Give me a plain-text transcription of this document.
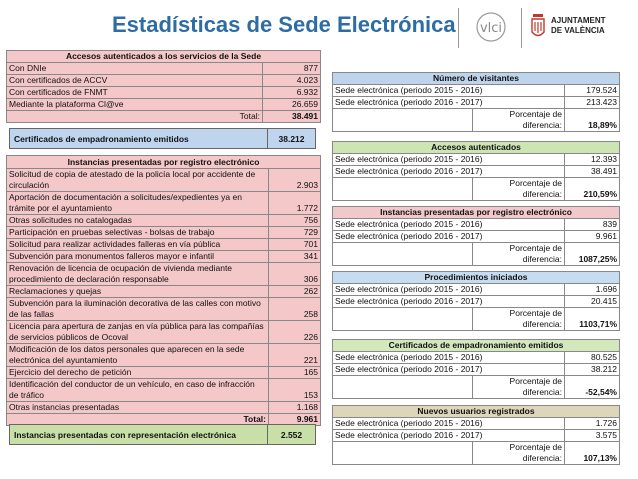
Estadísticas de Sede Electrónica vlci
AJUNTAMENT
DE VALÈNCIA
Accesos autenticados a los servicios de la Sede	
Con DNIe	877
Con certificados de ACCV	4.023
Con certificados de FNMT	6.932
Mediante la plataforma Cl@ve	26.659
Total:	38.491
Certificados de empadronamiento emitidos	38.212
Instancias presentadas por registro electrónico	
Solicitud de copia de atestado de la policía local por accidente de circulación	2.903
Aportación de documentación a solicitudes/expedientes ya en trámite por el ayuntamiento	1.772
Otras solicitudes no catalogadas	756
Participación en pruebas selectivas - bolsas de trabajo	729
Solicitud para realizar actividades falleras en vía pública	701
Subvención para monumentos falleros mayor e infantil	341
Renovación de licencia de ocupación de vivienda mediante procedimiento de declaración responsable	306
Reclamaciones y quejas	262
Subvención para la iluminación decorativa de las calles con motivo de las fallas	258
Licencia para apertura de zanjas en vía pública para las compañías de servicios públicos de Ocoval	226
Modificación de los datos personales que aparecen en la sede electrónica del ayuntamiento	221
Ejercicio del derecho de petición	165
Identificación del conductor de un vehículo, en caso de infracción de tráfico	153
Otras instancias presentadas	1.168
Total:	9.961
Instancias presentadas con representación electrónica	2.552
Número de visitantes		
Sede electrónica (periodo 2015 - 2016)		179.524
Sede electrónica (periodo 2016 - 2017)		213.423
	Porcentaje de diferencia:	18,89%
Accesos autenticados		
Sede electrónica (periodo 2015 - 2016)		12.393
Sede electrónica (periodo 2016 - 2017)		38.491
	Porcentaje de diferencia:	210,59%
Instancias presentadas por registro electrónico		
Sede electrónica (periodo 2015 - 2016)		839
Sede electrónica (periodo 2016 - 2017)		9.961
	Porcentaje de diferencia:	1087,25%
Procedimientos iniciados		
Sede electrónica (periodo 2015 - 2016)		1.696
Sede electrónica (periodo 2016 - 2017)		20.415
	Porcentaje de diferencia:	1103,71%
Certificados de empadronamiento emitidos		
Sede electrónica (periodo 2015 - 2016)		80.525
Sede electrónica (periodo 2016 - 2017)		38.212
	Porcentaje de diferencia:	-52,54%
Nuevos usuarios registrados		
Sede electrónica (periodo 2015 - 2016)		1.726
Sede electrónica (periodo 2016 - 2017)		3.575
	Porcentaje de diferencia:	107,13%
